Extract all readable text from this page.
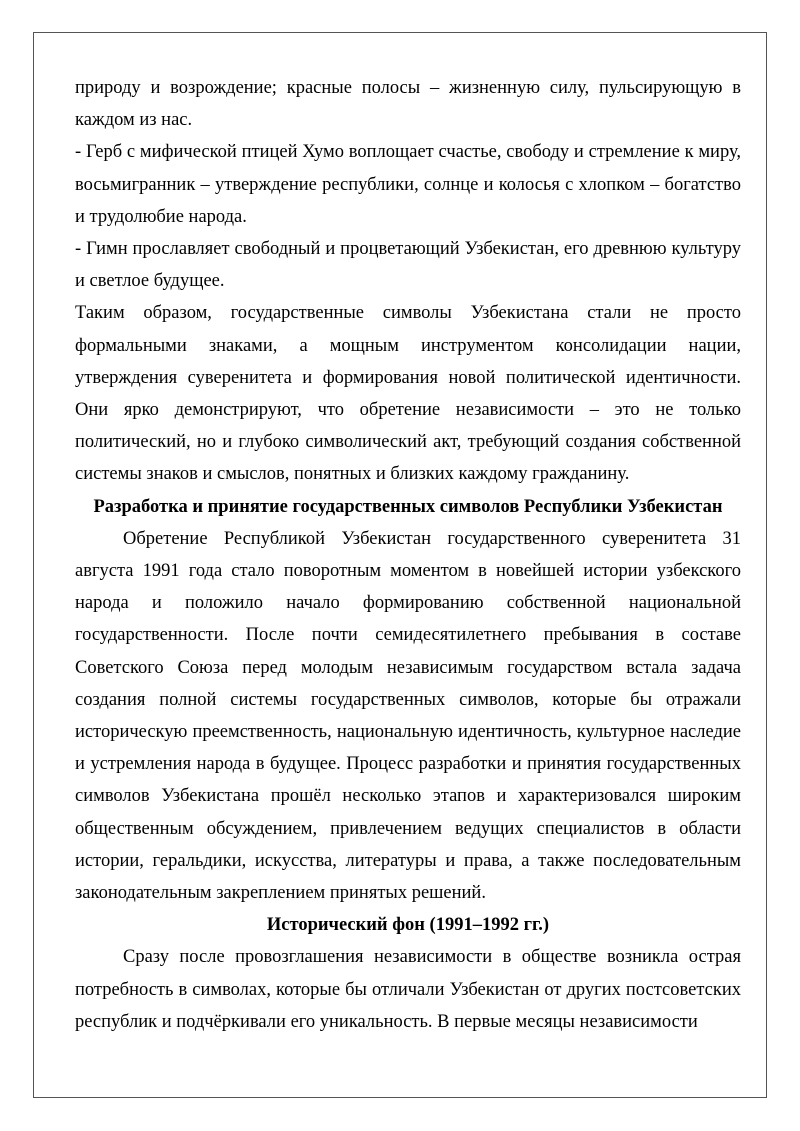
природу и возрождение; красные полосы – жизненную силу, пульсирующую в каждом из нас.

- Герб с мифической птицей Хумо воплощает счастье, свободу и стремление к миру, восьмигранник – утверждение республики, солнце и колосья с хлопком – богатство и трудолюбие народа.

- Гимн прославляет свободный и процветающий Узбекистан, его древнюю культуру и светлое будущее.

Таким образом, государственные символы Узбекистана стали не просто формальными знаками, а мощным инструментом консолидации нации, утверждения суверенитета и формирования новой политической идентичности. Они ярко демонстрируют, что обретение независимости – это не только политический, но и глубоко символический акт, требующий создания собственной системы знаков и смыслов, понятных и близких каждому гражданину.

Разработка и принятие государственных символов Республики Узбекистан

Обретение Республикой Узбекистан государственного суверенитета 31 августа 1991 года стало поворотным моментом в новейшей истории узбекского народа и положило начало формированию собственной национальной государственности. После почти семидесятилетнего пребывания в составе Советского Союза перед молодым независимым государством встала задача создания полной системы государственных символов, которые бы отражали историческую преемственность, национальную идентичность, культурное наследие и устремления народа в будущее. Процесс разработки и принятия государственных символов Узбекистана прошёл несколько этапов и характеризовался широким общественным обсуждением, привлечением ведущих специалистов в области истории, геральдики, искусства, литературы и права, а также последовательным законодательным закреплением принятых решений.

Исторический фон (1991–1992 гг.)

Сразу после провозглашения независимости в обществе возникла острая потребность в символах, которые бы отличали Узбекистан от других постсоветских республик и подчёркивали его уникальность. В первые месяцы независимости
